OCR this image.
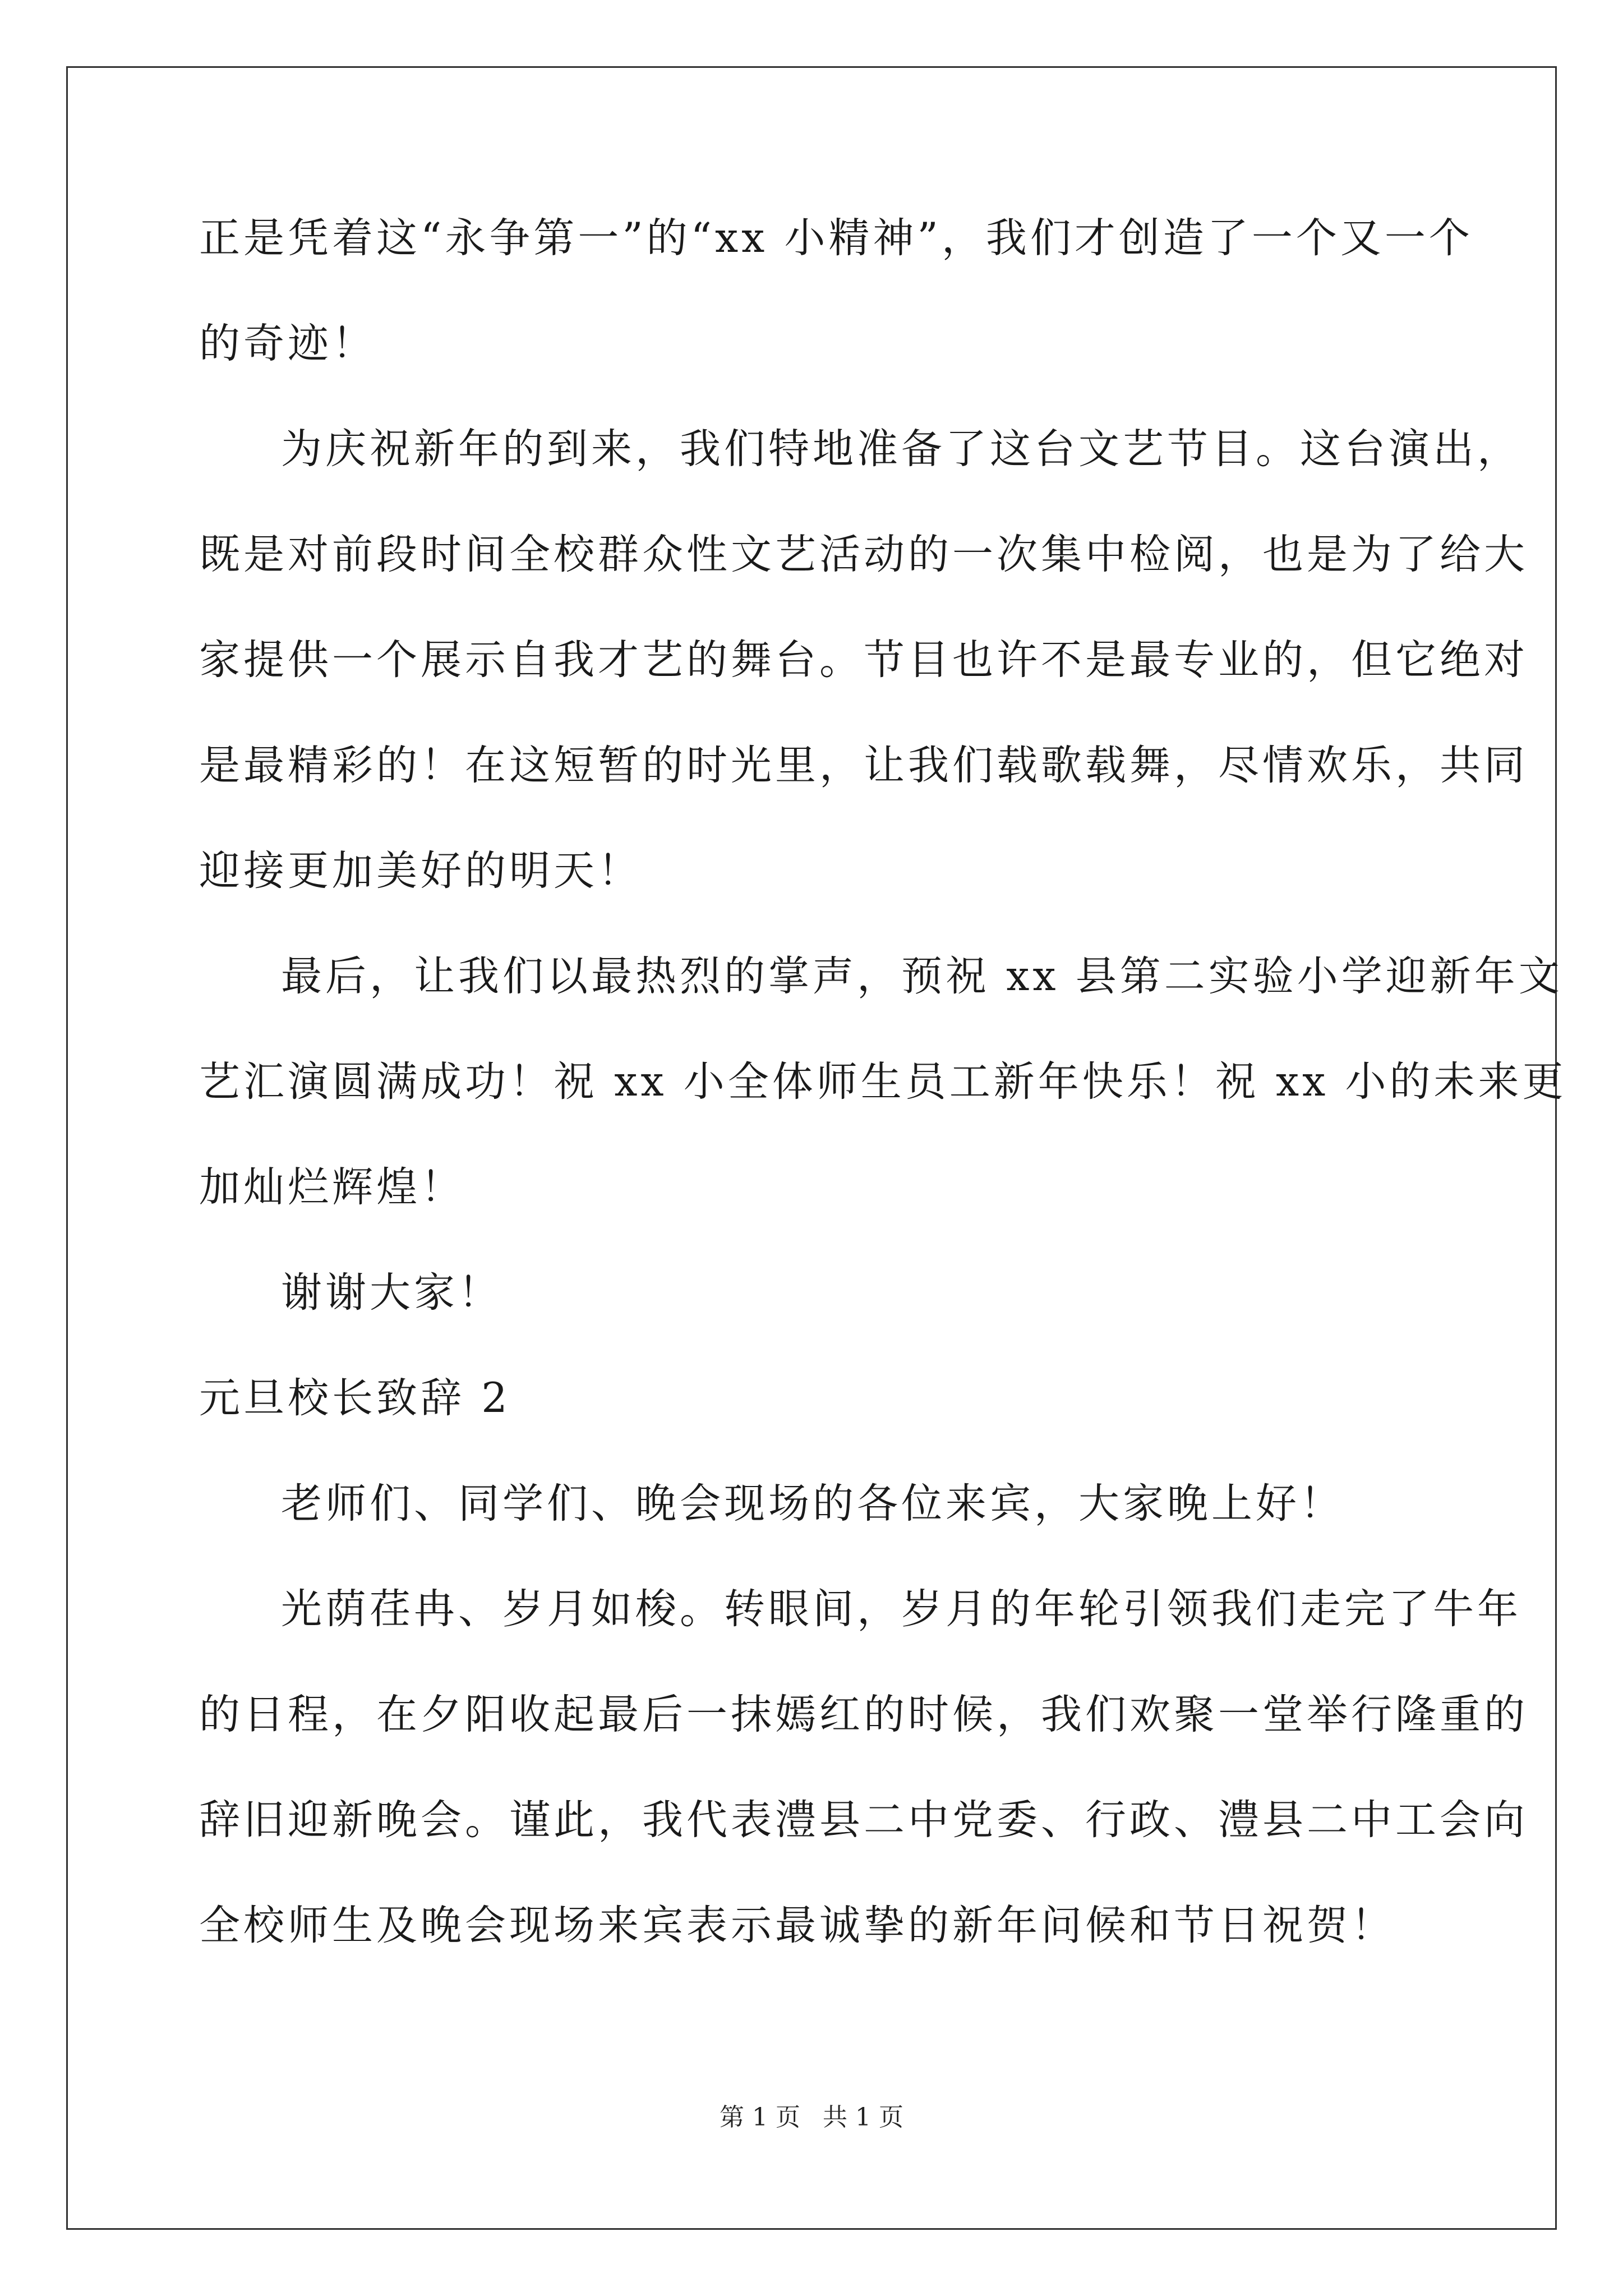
正是凭着这“永争第一”的“xx 小精神”，我们才创造了一个又一个
的奇迹！
为庆祝新年的到来，我们特地准备了这台文艺节目。这台演出，
既是对前段时间全校群众性文艺活动的一次集中检阅，也是为了给大
家提供一个展示自我才艺的舞台。节目也许不是最专业的，但它绝对
是最精彩的！在这短暂的时光里，让我们载歌载舞，尽情欢乐，共同
迎接更加美好的明天！
最后，让我们以最热烈的掌声，预祝 xx 县第二实验小学迎新年文
艺汇演圆满成功！祝 xx 小全体师生员工新年快乐！祝 xx 小的未来更
加灿烂辉煌！
谢谢大家！
元旦校长致辞 2
老师们、同学们、晚会现场的各位来宾，大家晚上好！
光荫荏冉、岁月如梭。转眼间，岁月的年轮引领我们走完了牛年
的日程，在夕阳收起最后一抹嫣红的时候，我们欢聚一堂举行隆重的
辞旧迎新晚会。谨此，我代表澧县二中党委、行政、澧县二中工会向
全校师生及晚会现场来宾表示最诚挚的新年问候和节日祝贺！
第 1 页 共 1 页
